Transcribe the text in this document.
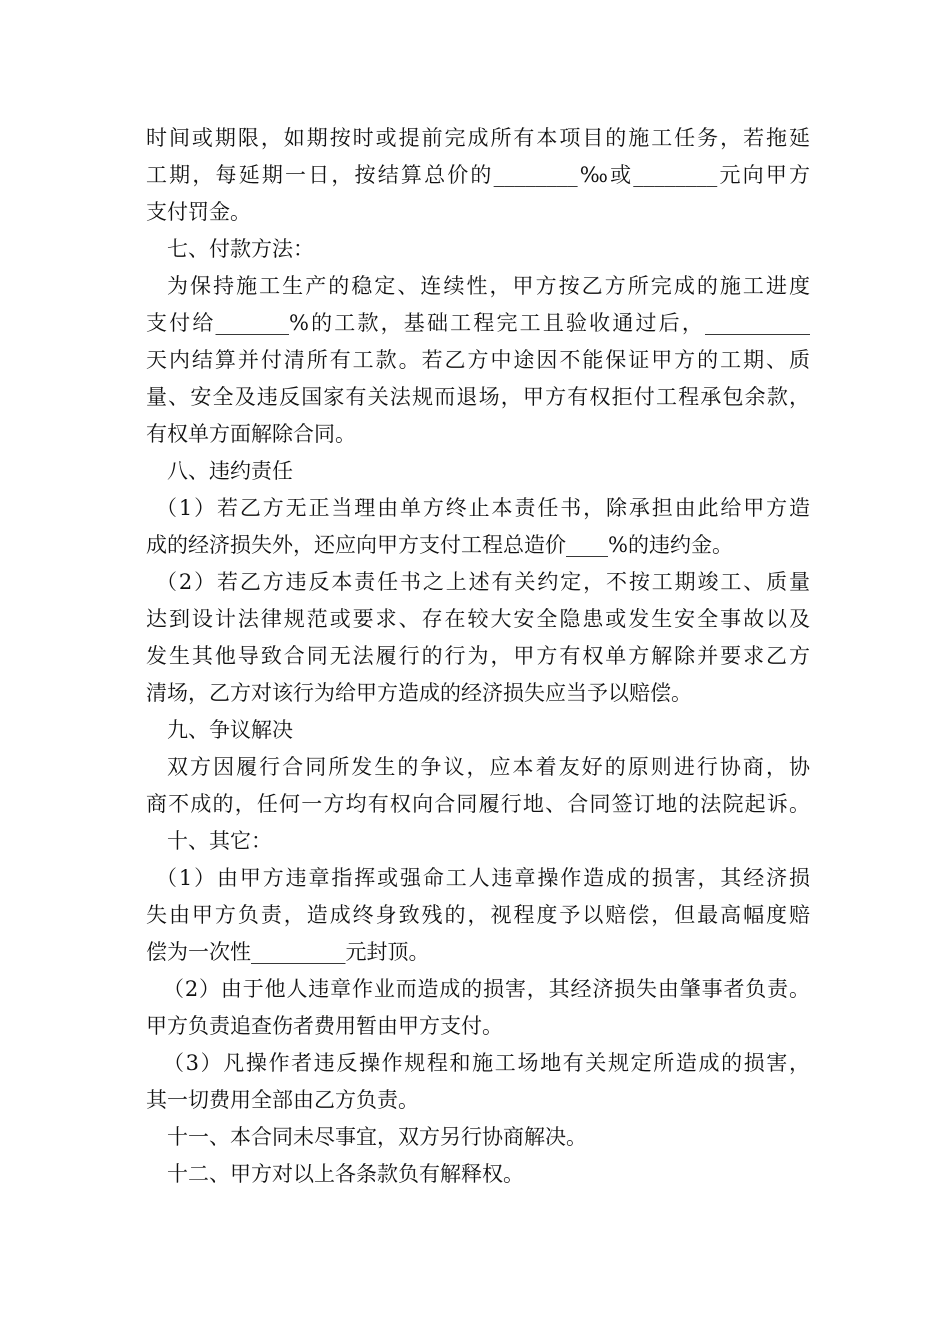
时间或期限，如期按时或提前完成所有本项目的施工任务，若拖延
工期，每延期一日，按结算总价的________‰或________元向甲方
支付罚金。
七、付款方法：
为保持施工生产的稳定、连续性，甲方按乙方所完成的施工进度
支付给_______%的工款，基础工程完工且验收通过后，__________
天内结算并付清所有工款。若乙方中途因不能保证甲方的工期、质
量、安全及违反国家有关法规而退场，甲方有权拒付工程承包余款，
有权单方面解除合同。
八、违约责任
（1）若乙方无正当理由单方终止本责任书，除承担由此给甲方造
成的经济损失外，还应向甲方支付工程总造价____%的违约金。
（2）若乙方违反本责任书之上述有关约定，不按工期竣工、质量
达到设计法律规范或要求、存在较大安全隐患或发生安全事故以及
发生其他导致合同无法履行的行为，甲方有权单方解除并要求乙方
清场，乙方对该行为给甲方造成的经济损失应当予以赔偿。
九、争议解决
双方因履行合同所发生的争议，应本着友好的原则进行协商，协
商不成的，任何一方均有权向合同履行地、合同签订地的法院起诉。
十、其它：
（1）由甲方违章指挥或强命工人违章操作造成的损害，其经济损
失由甲方负责，造成终身致残的，视程度予以赔偿，但最高幅度赔
偿为一次性_________元封顶。
（2）由于他人违章作业而造成的损害，其经济损失由肇事者负责。
甲方负责追查伤者费用暂由甲方支付。
（3）凡操作者违反操作规程和施工场地有关规定所造成的损害，
其一切费用全部由乙方负责。
十一、本合同未尽事宜，双方另行协商解决。
十二、甲方对以上各条款负有解释权。
